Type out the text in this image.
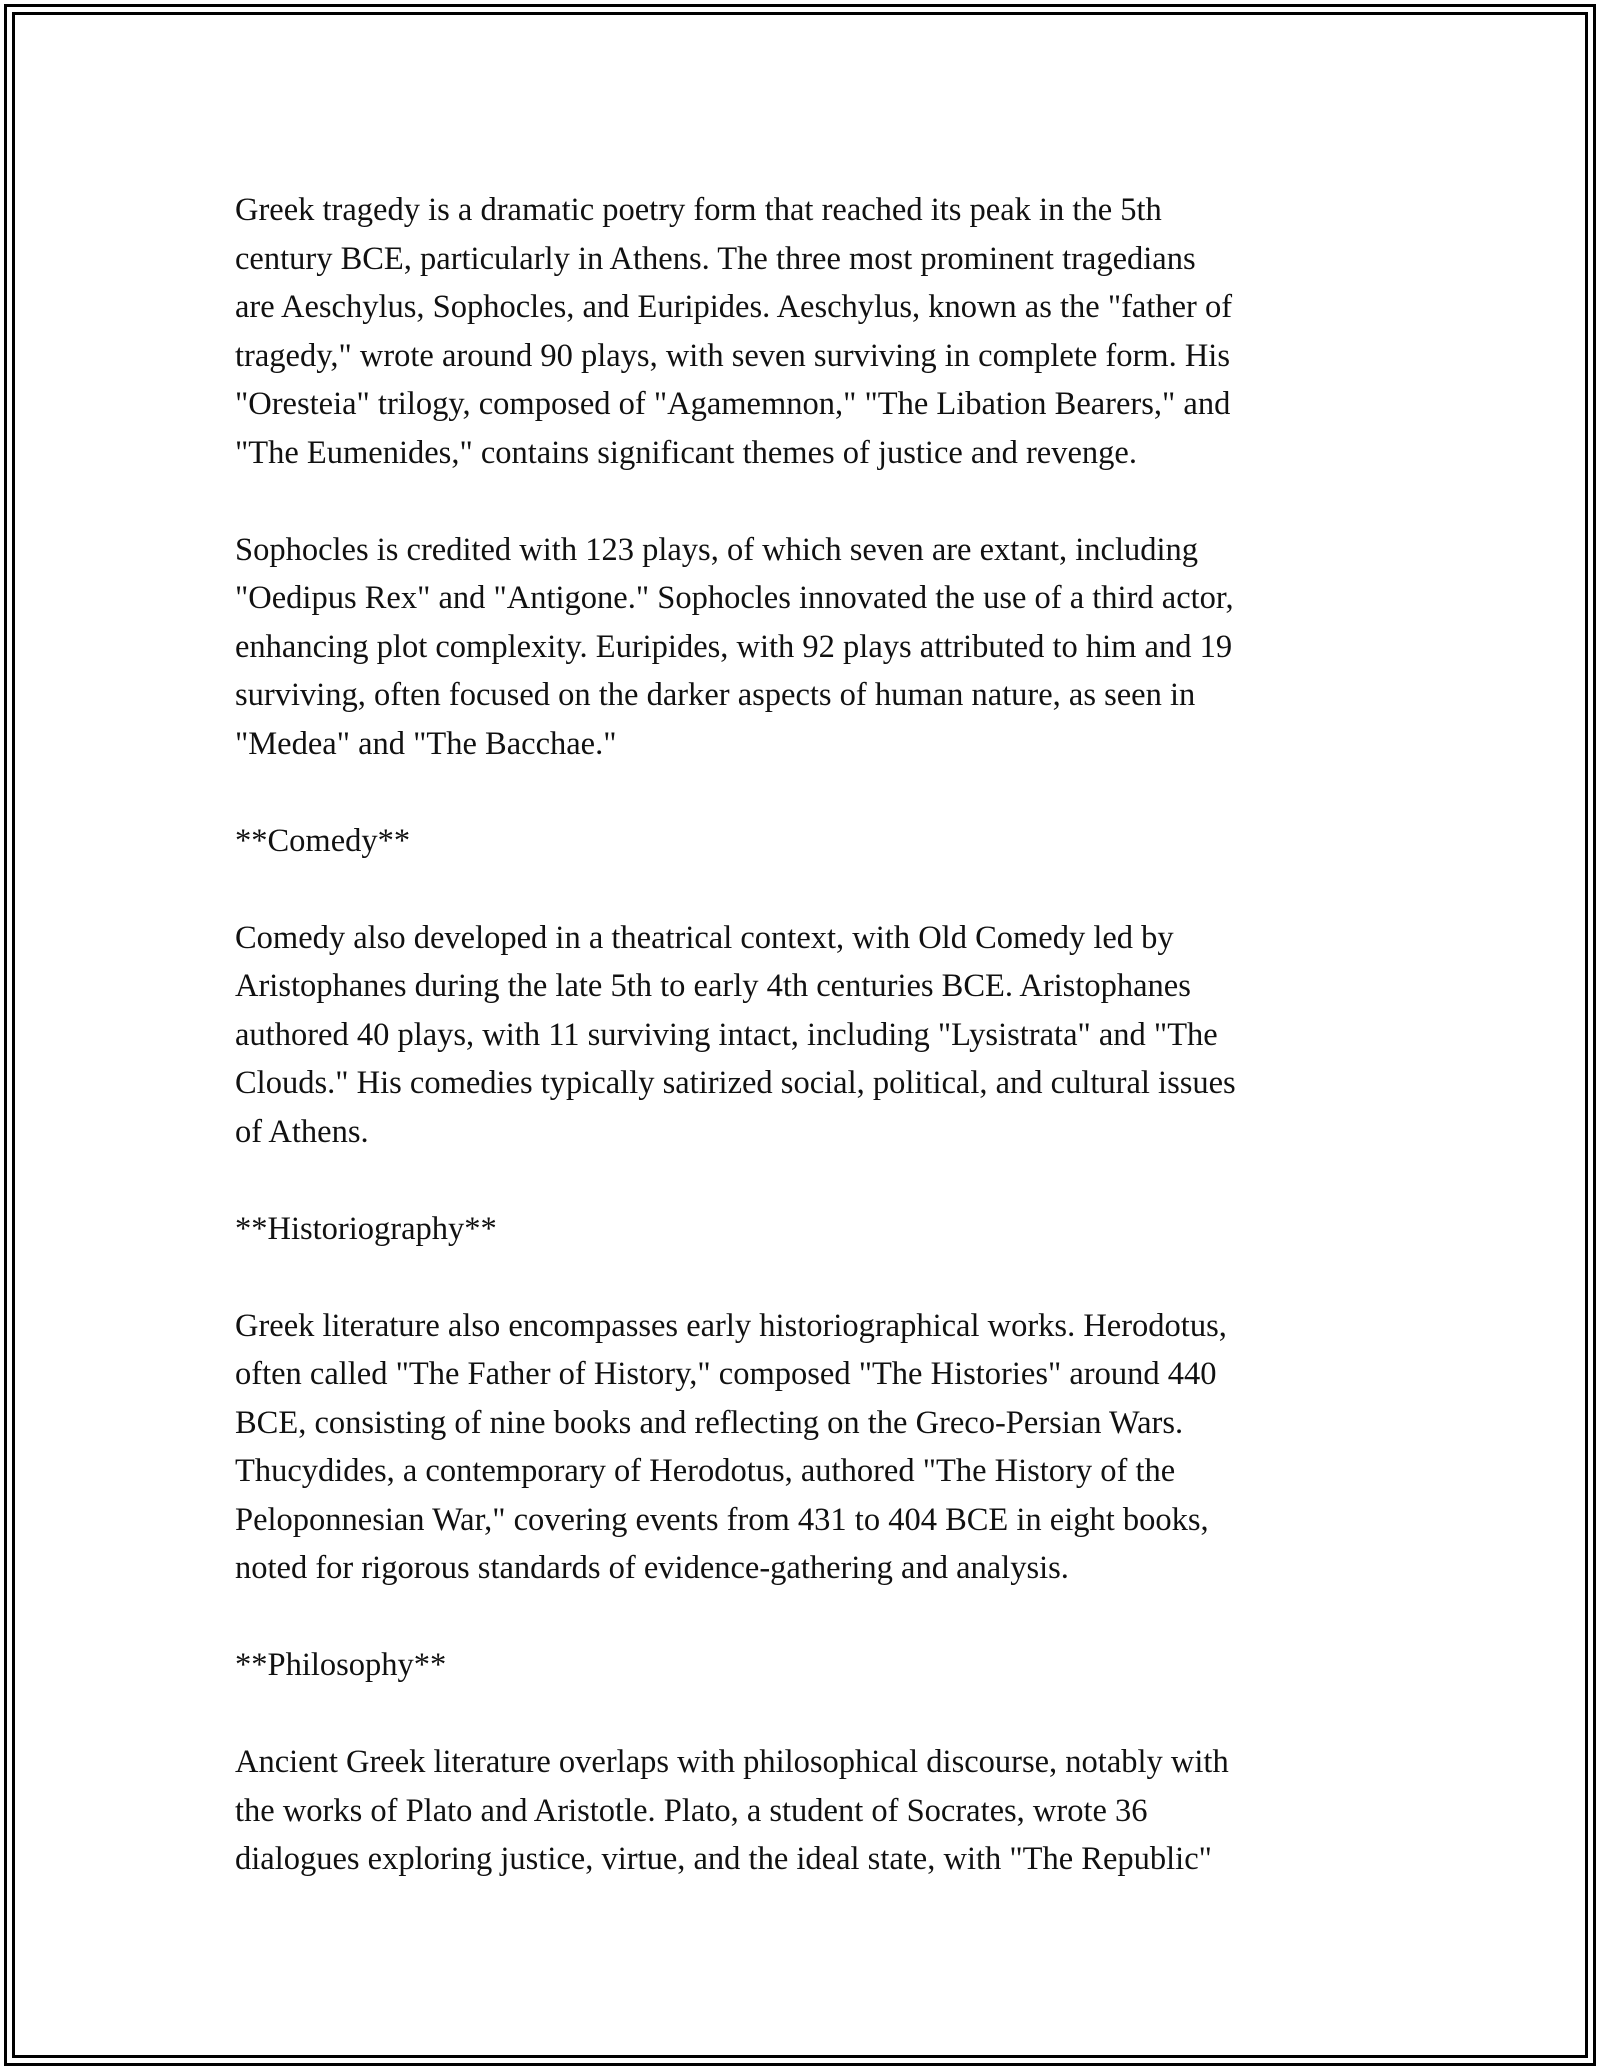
Greek tragedy is a dramatic poetry form that reached its peak in the 5th
century BCE, particularly in Athens. The three most prominent tragedians
are Aeschylus, Sophocles, and Euripides. Aeschylus, known as the "father of
tragedy," wrote around 90 plays, with seven surviving in complete form. His
"Oresteia" trilogy, composed of "Agamemnon," "The Libation Bearers," and
"The Eumenides," contains significant themes of justice and revenge.

Sophocles is credited with 123 plays, of which seven are extant, including
"Oedipus Rex" and "Antigone." Sophocles innovated the use of a third actor,
enhancing plot complexity. Euripides, with 92 plays attributed to him and 19
surviving, often focused on the darker aspects of human nature, as seen in
"Medea" and "The Bacchae."

**Comedy**

Comedy also developed in a theatrical context, with Old Comedy led by
Aristophanes during the late 5th to early 4th centuries BCE. Aristophanes
authored 40 plays, with 11 surviving intact, including "Lysistrata" and "The
Clouds." His comedies typically satirized social, political, and cultural issues
of Athens.

**Historiography**

Greek literature also encompasses early historiographical works. Herodotus,
often called "The Father of History," composed "The Histories" around 440
BCE, consisting of nine books and reflecting on the Greco-Persian Wars.
Thucydides, a contemporary of Herodotus, authored "The History of the
Peloponnesian War," covering events from 431 to 404 BCE in eight books,
noted for rigorous standards of evidence-gathering and analysis.

**Philosophy**

Ancient Greek literature overlaps with philosophical discourse, notably with
the works of Plato and Aristotle. Plato, a student of Socrates, wrote 36
dialogues exploring justice, virtue, and the ideal state, with "The Republic"
